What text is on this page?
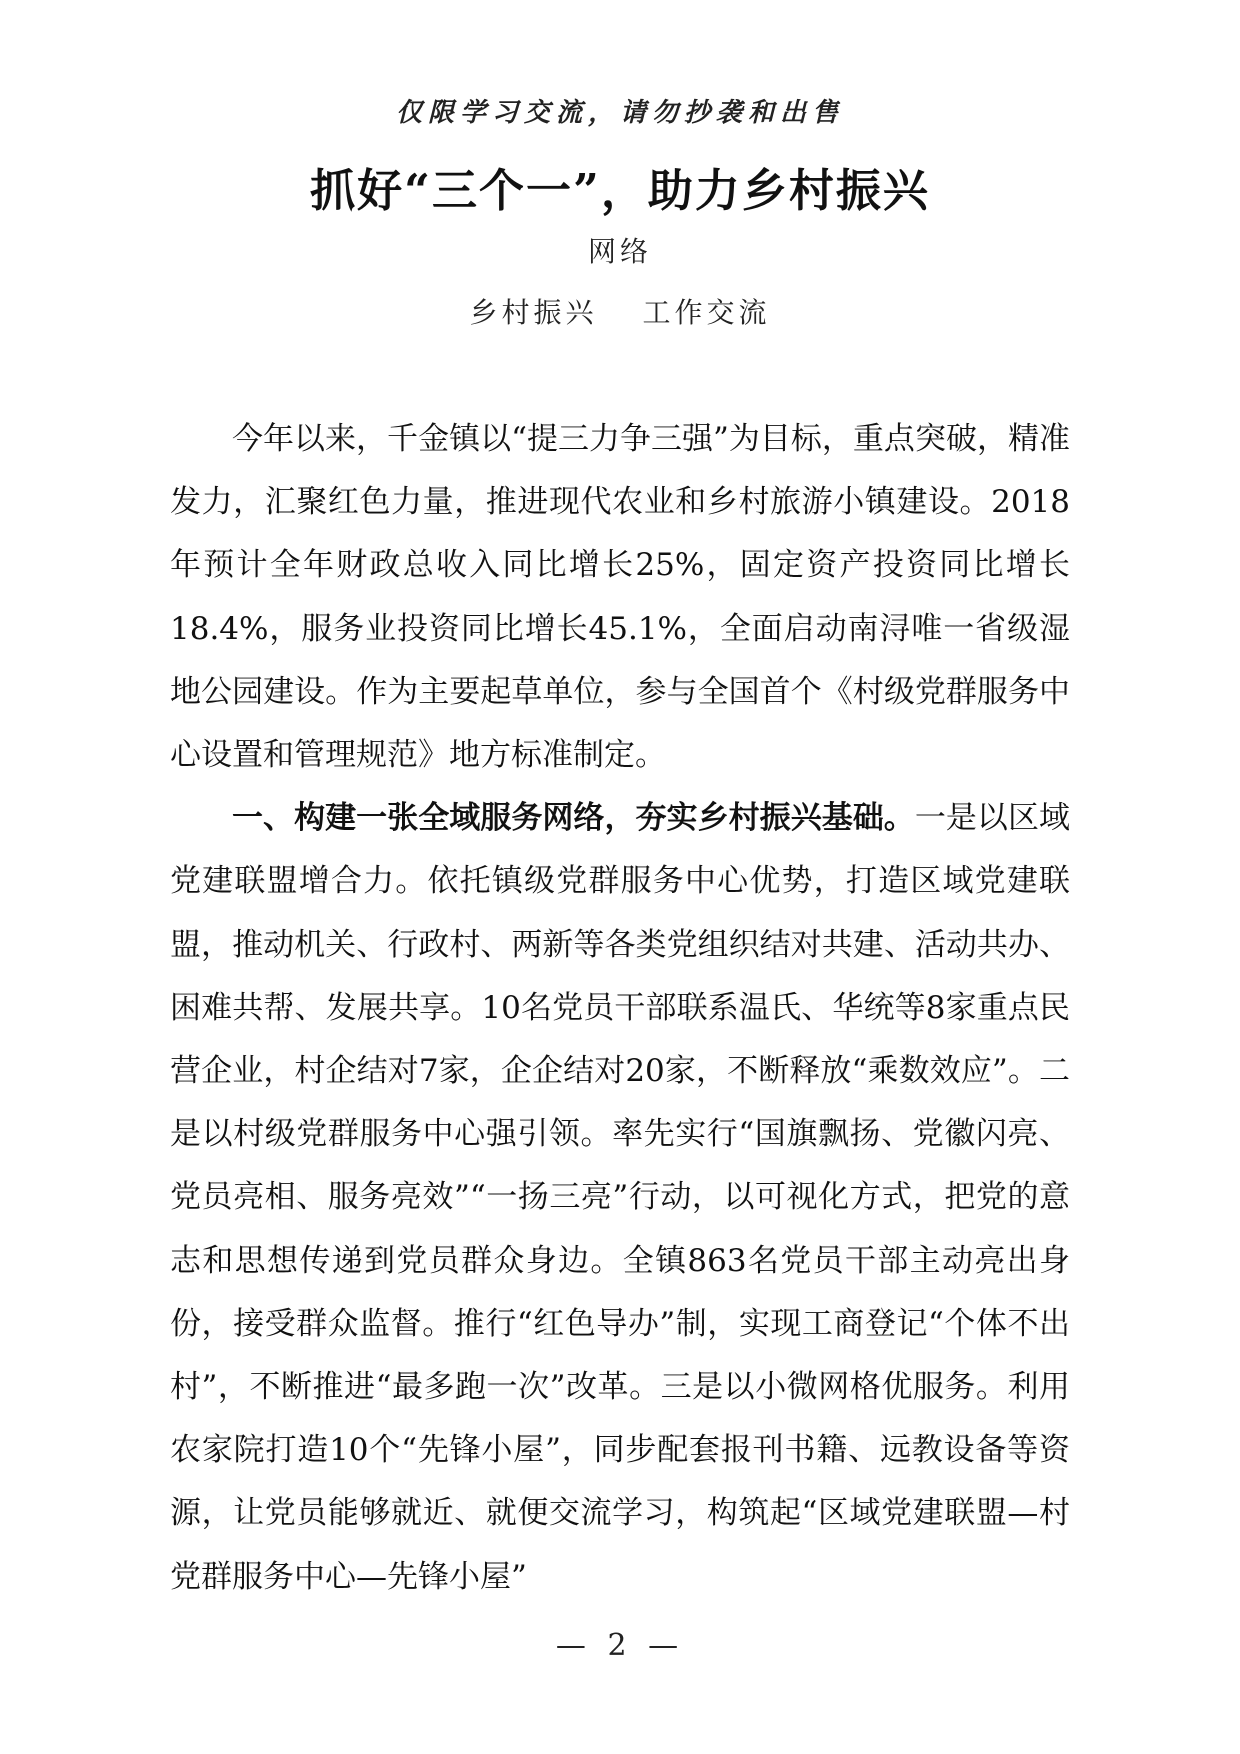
仅限学习交流，请勿抄袭和出售
抓好“三个一”，助力乡村振兴
网络
乡村振兴　 工作交流

今年以来，千金镇以“提三力争三强”为目标，重点突破，精准发力，汇聚红色力量，推进现代农业和乡村旅游小镇建设。2018年预计全年财政总收入同比增长25%，固定资产投资同比增长18.4%，服务业投资同比增长45.1%，全面启动南浔唯一省级湿地公园建设。作为主要起草单位，参与全国首个《村级党群服务中心设置和管理规范》地方标准制定。

一、构建一张全域服务网络，夯实乡村振兴基础。一是以区域党建联盟增合力。依托镇级党群服务中心优势，打造区域党建联盟，推动机关、行政村、两新等各类党组织结对共建、活动共办、困难共帮、发展共享。10名党员干部联系温氏、华统等8家重点民营企业，村企结对7家，企企结对20家，不断释放“乘数效应”。二是以村级党群服务中心强引领。率先实行“国旗飘扬、党徽闪亮、党员亮相、服务亮效”“一扬三亮”行动，以可视化方式，把党的意志和思想传递到党员群众身边。全镇863名党员干部主动亮出身份，接受群众监督。推行“红色导办”制，实现工商登记“个体不出村”，不断推进“最多跑一次”改革。三是以小微网格优服务。利用农家院打造10个“先锋小屋”，同步配套报刊书籍、远教设备等资源，让党员能够就近、就便交流学习，构筑起“区域党建联盟—村党群服务中心—先锋小屋”

— 2 —
